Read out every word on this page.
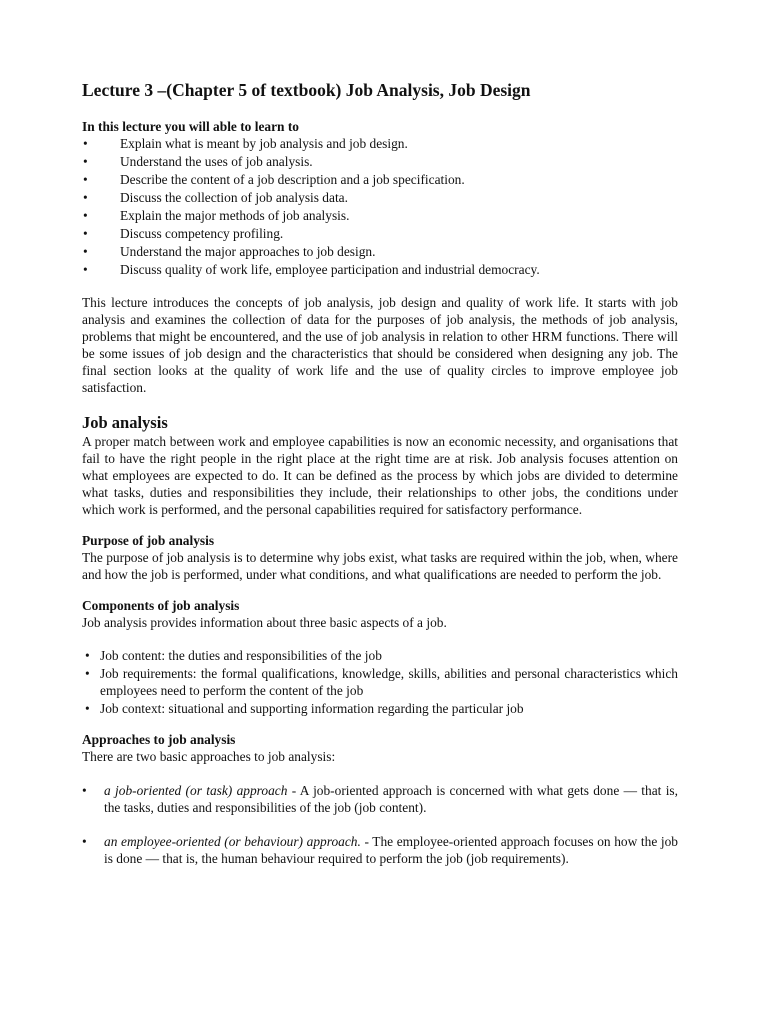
Lecture 3 –(Chapter 5 of textbook) Job Analysis, Job Design

In this lecture you will able to learn to

• Explain what is meant by job analysis and job design.
• Understand the uses of job analysis.
• Describe the content of a job description and a job specification.
• Discuss the collection of job analysis data.
• Explain the major methods of job analysis.
• Discuss competency profiling.
• Understand the major approaches to job design.
• Discuss quality of work life, employee participation and industrial democracy.

This lecture introduces the concepts of job analysis, job design and quality of work life. It starts with job analysis and examines the collection of data for the purposes of job analysis, the methods of job analysis, problems that might be encountered, and the use of job analysis in relation to other HRM functions. There will be some issues of job design and the characteristics that should be considered when designing any job. The final section looks at the quality of work life and the use of quality circles to improve employee job satisfaction.

Job analysis

A proper match between work and employee capabilities is now an economic necessity, and organisations that fail to have the right people in the right place at the right time are at risk. Job analysis focuses attention on what employees are expected to do. It can be defined as the process by which jobs are divided to determine what tasks, duties and responsibilities they include, their relationships to other jobs, the conditions under which work is performed, and the personal capabilities required for satisfactory performance.

Purpose of job analysis

The purpose of job analysis is to determine why jobs exist, what tasks are required within the job, when, where and how the job is performed, under what conditions, and what qualifications are needed to perform the job.

Components of job analysis

Job analysis provides information about three basic aspects of a job.

• Job content: the duties and responsibilities of the job
• Job requirements: the formal qualifications, knowledge, skills, abilities and personal characteristics which employees need to perform the content of the job
• Job context: situational and supporting information regarding the particular job
Approaches to job analysis

There are two basic approaches to job analysis:

• a job-oriented (or task) approach - A job-oriented approach is concerned with what gets done — that is, the tasks, duties and responsibilities of the job (job content).
• an employee-oriented (or behaviour) approach. - The employee-oriented approach focuses on how the job is done — that is, the human behaviour required to perform the job (job requirements).
